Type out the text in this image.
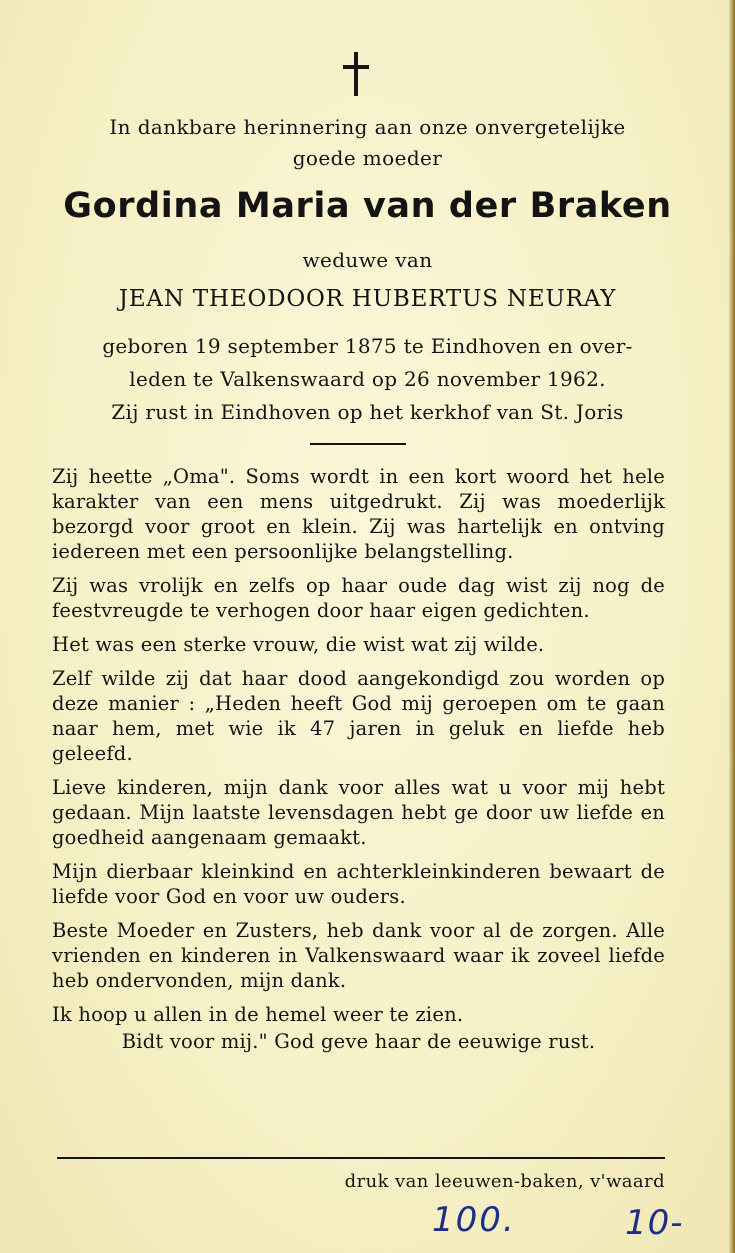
In dankbare herinnering aan onze onvergetelijke
goede moeder
Gordina Maria van der Braken
weduwe van
JEAN THEODOOR HUBERTUS NEURAY
geboren 19 september 1875 te Eindhoven en over-
leden te Valkenswaard op 26 november 1962.
Zij rust in Eindhoven op het kerkhof van St. Joris

Zij heette „Oma". Soms wordt in een kort woord het hele karakter van een mens uitgedrukt. Zij was moederlijk bezorgd voor groot en klein. Zij was hartelijk en ontving iedereen met een persoonlijke belangstelling.

Zij was vrolijk en zelfs op haar oude dag wist zij nog de feestvreugde te verhogen door haar eigen gedichten.

Het was een sterke vrouw, die wist wat zij wilde.

Zelf wilde zij dat haar dood aangekondigd zou worden op deze manier : „Heden heeft God mij geroepen om te gaan naar hem, met wie ik 47 jaren in geluk en liefde heb geleefd.

Lieve kinderen, mijn dank voor alles wat u voor mij hebt gedaan. Mijn laatste levensdagen hebt ge door uw liefde en goedheid aangenaam gemaakt.

Mijn dierbaar kleinkind en achterkleinkinderen bewaart de liefde voor God en voor uw ouders.

Beste Moeder en Zusters, heb dank voor al de zorgen. Alle vrienden en kinderen in Valkenswaard waar ik zoveel liefde heb ondervonden, mijn dank.

Ik hoop u allen in de hemel weer te zien.

Bidt voor mij." God geve haar de eeuwige rust.

druk van leeuwen-baken, v'waard
100.	10-
